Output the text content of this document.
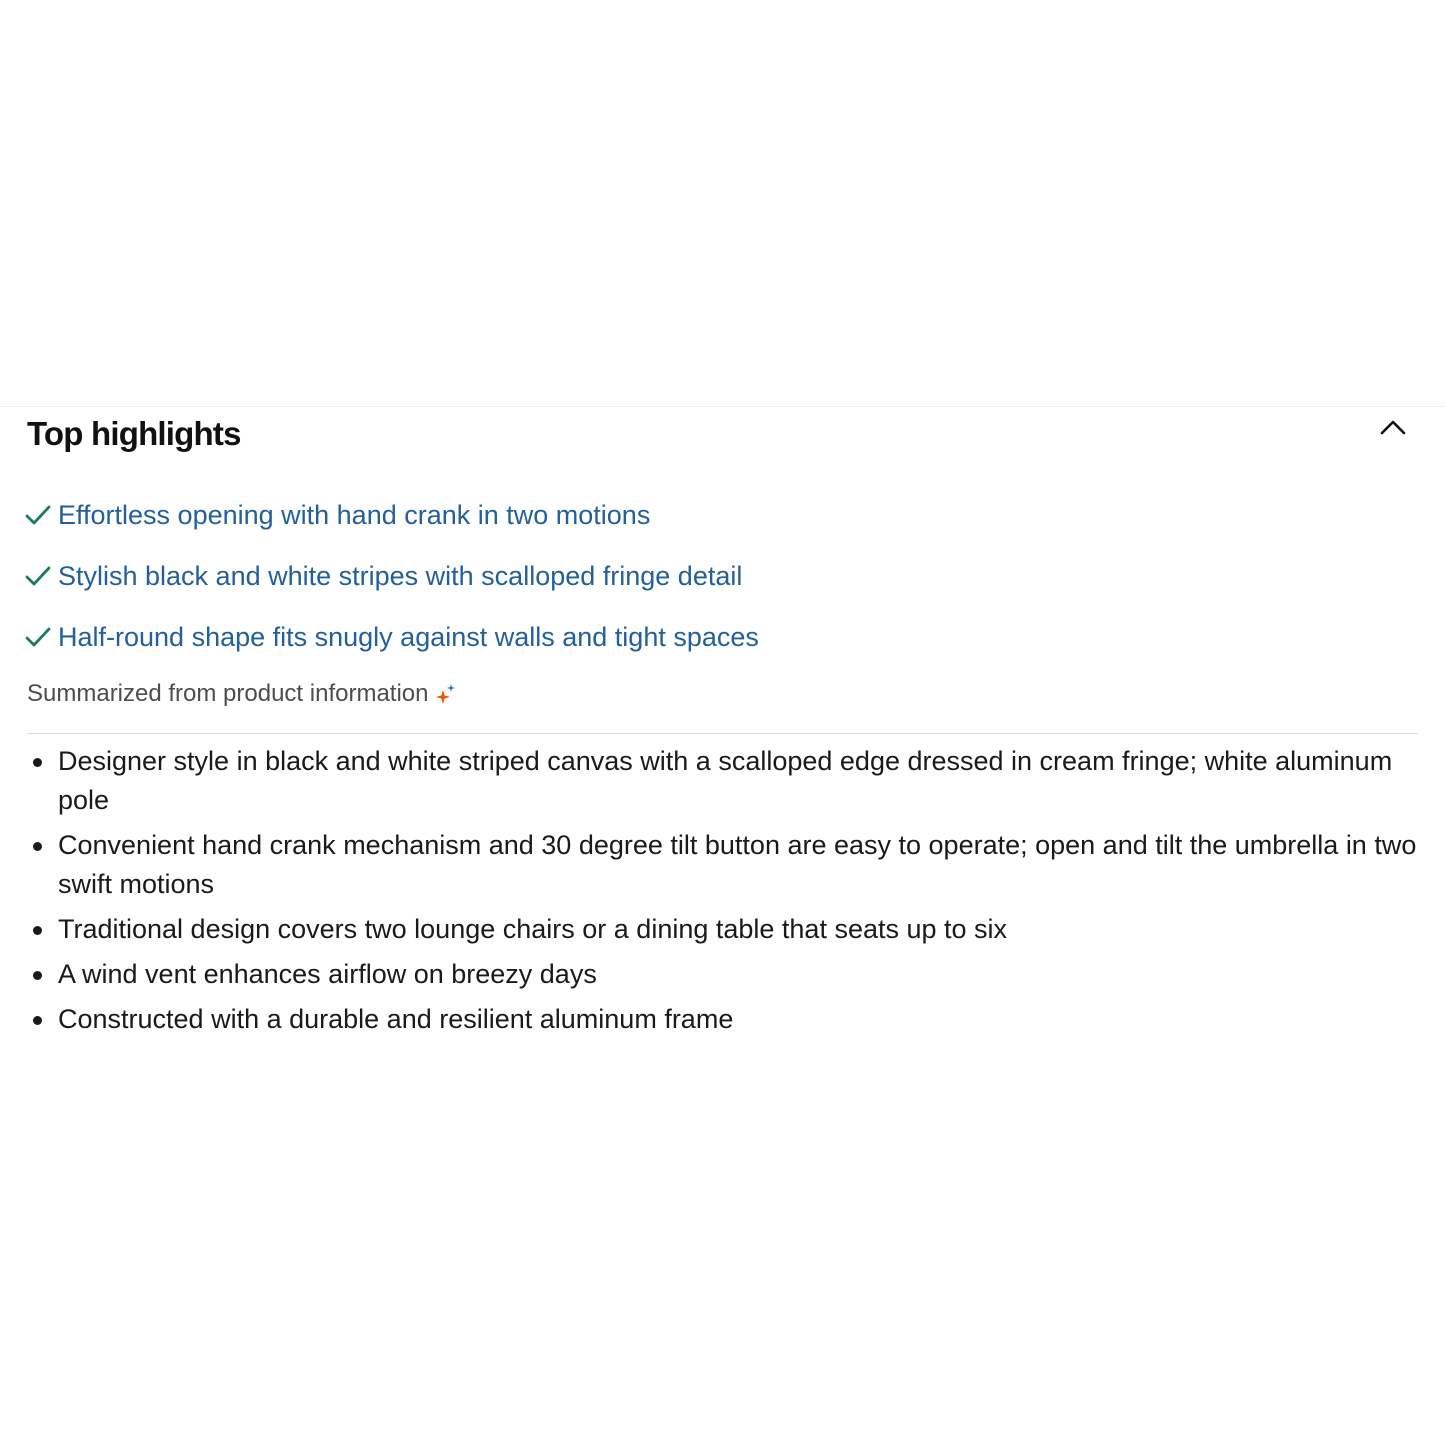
Top highlights
Effortless opening with hand crank in two motions
Stylish black and white stripes with scalloped fringe detail
Half-round shape fits snugly against walls and tight spaces
Summarized from product information
Designer style in black and white striped canvas with a scalloped edge dressed in cream fringe; white aluminum pole
Convenient hand crank mechanism and 30 degree tilt button are easy to operate; open and tilt the umbrella in two swift motions
Traditional design covers two lounge chairs or a dining table that seats up to six
A wind vent enhances airflow on breezy days
Constructed with a durable and resilient aluminum frame
